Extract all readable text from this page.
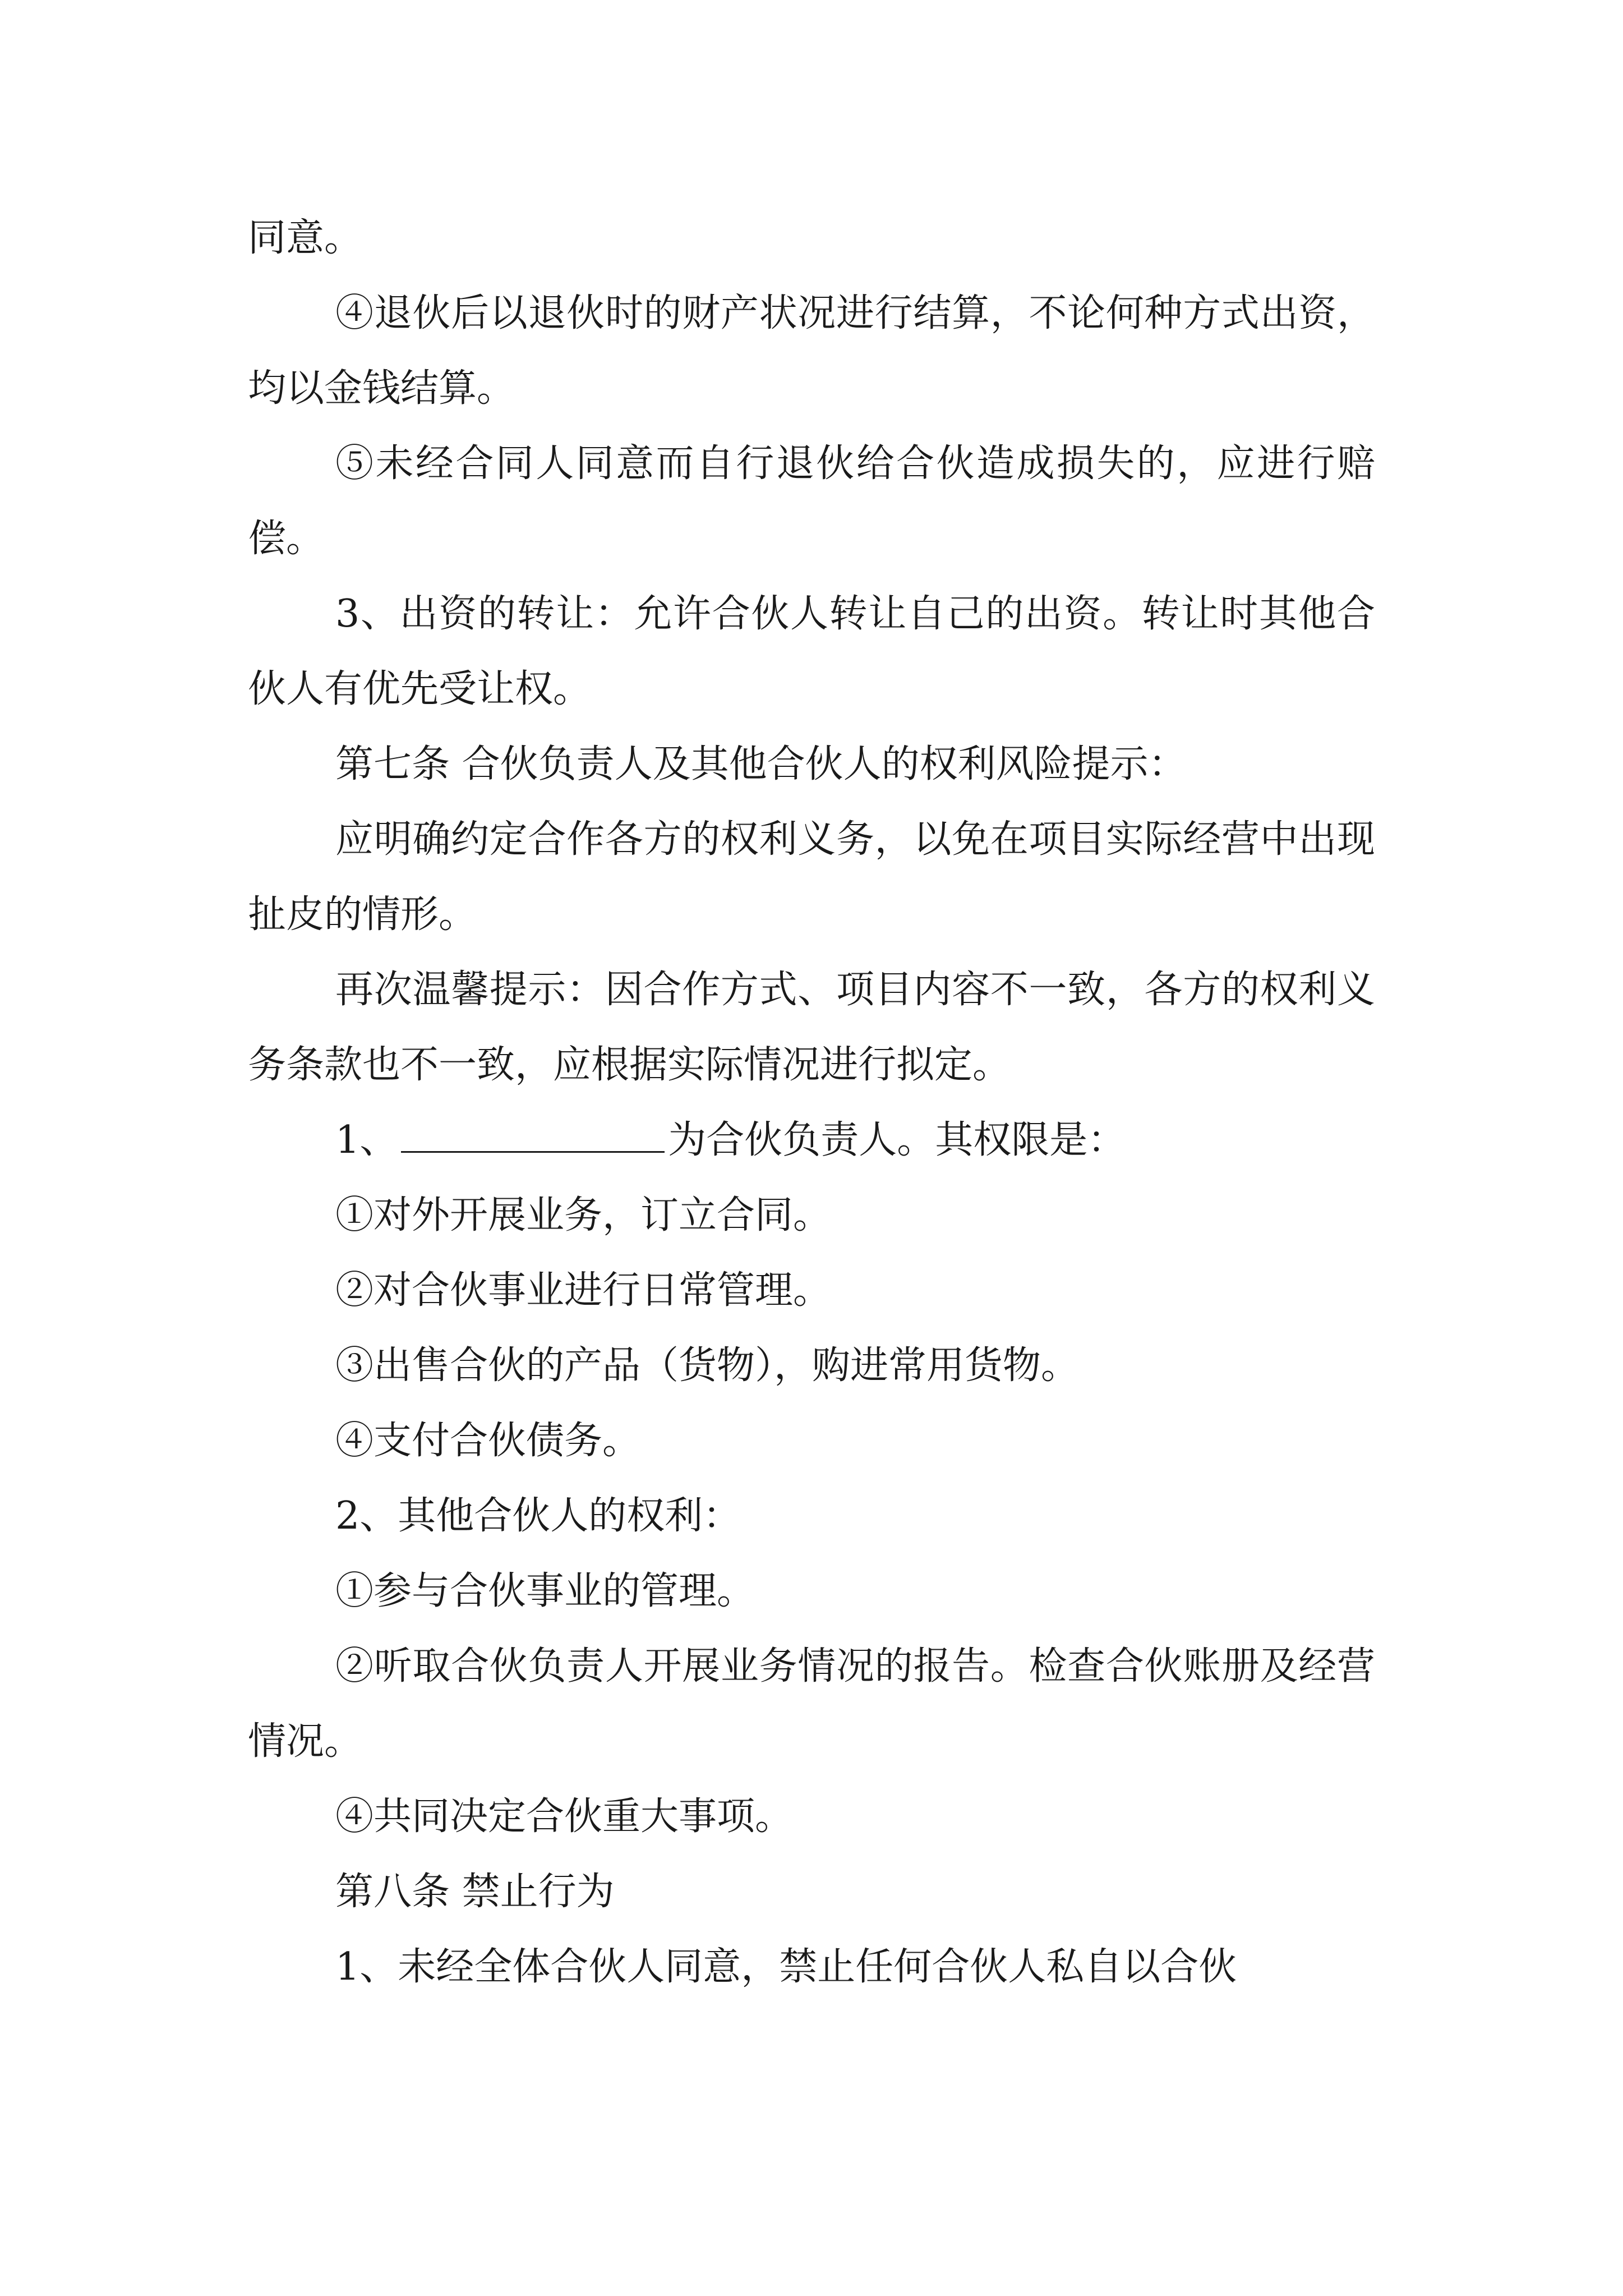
同意。

④退伙后以退伙时的财产状况进行结算，不论何种方式出资，均以金钱结算。

⑤未经合同人同意而自行退伙给合伙造成损失的，应进行赔偿。

3、出资的转让：允许合伙人转让自己的出资。转让时其他合伙人有优先受让权。

第七条 合伙负责人及其他合伙人的权利风险提示：

应明确约定合作各方的权利义务，以免在项目实际经营中出现扯皮的情形。

再次温馨提示：因合作方式、项目内容不一致，各方的权利义务条款也不一致，应根据实际情况进行拟定。

1、	为合伙负责人。其权限是：

①对外开展业务，订立合同。

②对合伙事业进行日常管理。

③出售合伙的产品（货物），购进常用货物。

④支付合伙债务。

2、其他合伙人的权利：

①参与合伙事业的管理。

②听取合伙负责人开展业务情况的报告。检查合伙账册及经营情况。

④共同决定合伙重大事项。

第八条 禁止行为

1、未经全体合伙人同意，禁止任何合伙人私自以合伙
